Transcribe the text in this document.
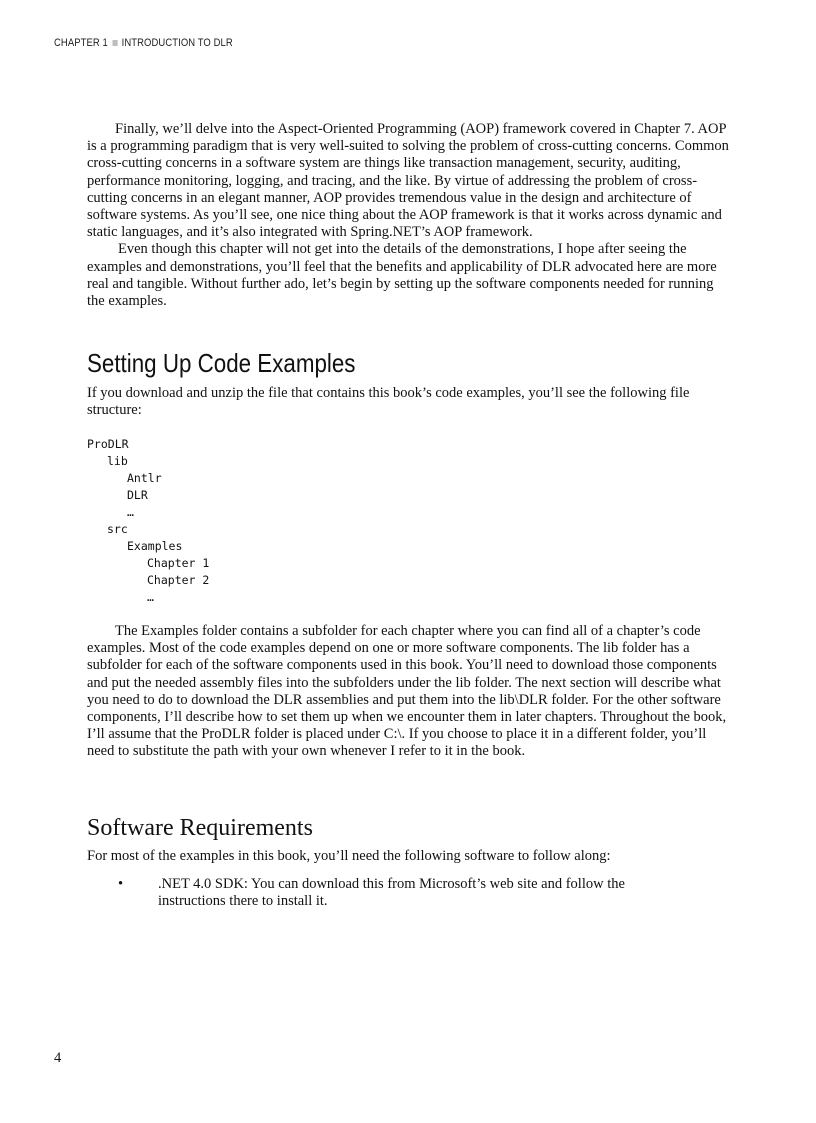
CHAPTER 1 INTRODUCTION TO DLR

Finally, we’ll delve into the Aspect-Oriented Programming (AOP) framework covered in Chapter 7. AOP is a programming paradigm that is very well-suited to solving the problem of cross-cutting concerns. Common cross-cutting concerns in a software system are things like transaction management, security, auditing, performance monitoring, logging, and tracing, and the like. By virtue of addressing the problem of cross-cutting concerns in an elegant manner, AOP provides tremendous value in the design and architecture of software systems. As you’ll see, one nice thing about the AOP framework is that it works across dynamic and static languages, and it’s also integrated with Spring.NET’s AOP framework.

Even though this chapter will not get into the details of the demonstrations, I hope after seeing the examples and demonstrations, you’ll feel that the benefits and applicability of DLR advocated here are more real and tangible. Without further ado, let’s begin by setting up the software components needed for running the examples.

Setting Up Code Examples

If you download and unzip the file that contains this book’s code examples, you’ll see the following file structure:

ProDLR
lib
Antlr
DLR
…
src
Examples
Chapter 1
Chapter 2
…

The Examples folder contains a subfolder for each chapter where you can find all of a chapter’s code examples. Most of the code examples depend on one or more software components. The lib folder has a subfolder for each of the software components used in this book. You’ll need to download those components and put the needed assembly files into the subfolders under the lib folder. The next section will describe what you need to do to download the DLR assemblies and put them into the lib\DLR folder. For the other software components, I’ll describe how to set them up when we encounter them in later chapters. Throughout the book, I’ll assume that the ProDLR folder is placed under C:\. If you choose to place it in a different folder, you’ll need to substitute the path with your own whenever I refer to it in the book.

Software Requirements

For most of the examples in this book, you’ll need the following software to follow along:

•	.NET 4.0 SDK: You can download this from Microsoft’s web site and follow the instructions there to install it.
4
